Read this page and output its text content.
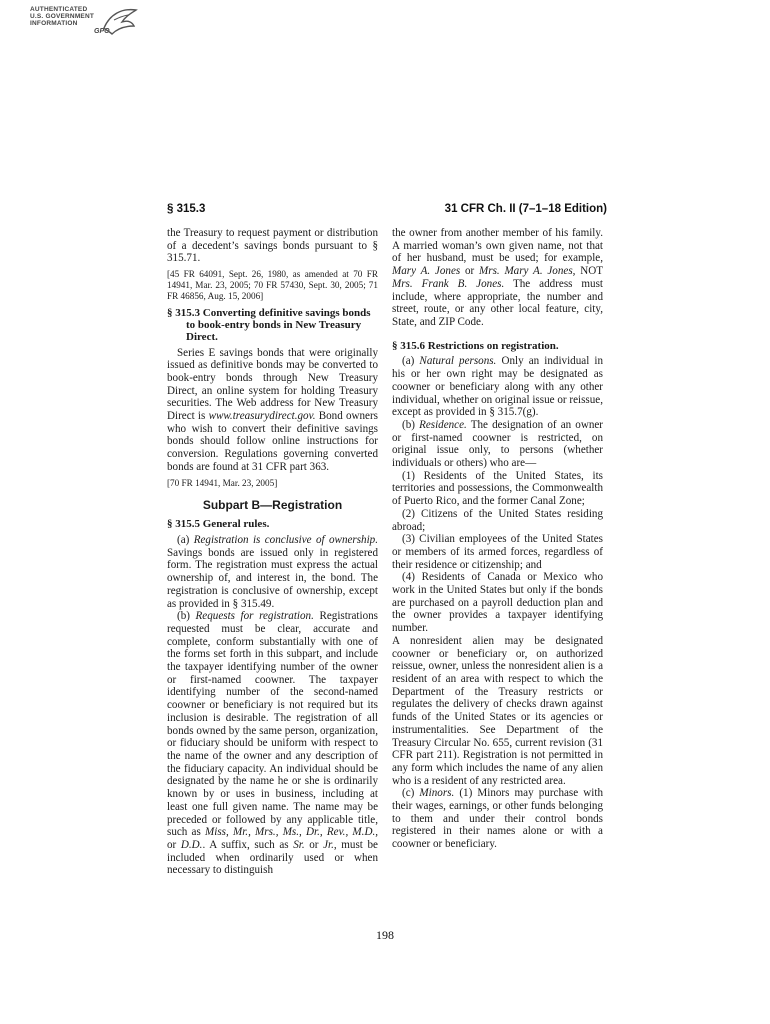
AUTHENTICATED
U.S. GOVERNMENT
INFORMATION
GPO
§ 315.3	31 CFR Ch. II (7–1–18 Edition)

the Treasury to request payment or distribution of a decedent’s savings bonds pursuant to § 315.71.

[45 FR 64091, Sept. 26, 1980, as amended at 70 FR 14941, Mar. 23, 2005; 70 FR 57430, Sept. 30, 2005; 71 FR 46856, Aug. 15, 2006]

§ 315.3 Converting definitive savings bonds to book-entry bonds in New Treasury Direct.

Series E savings bonds that were originally issued as definitive bonds may be converted to book-entry bonds through New Treasury Direct, an online system for holding Treasury securities. The Web address for New Treasury Direct is www.treasurydirect.gov. Bond owners who wish to convert their definitive savings bonds should follow online instructions for conversion. Regulations governing converted bonds are found at 31 CFR part 363.

[70 FR 14941, Mar. 23, 2005]

Subpart B—Registration

§ 315.5 General rules.

(a) Registration is conclusive of ownership. Savings bonds are issued only in registered form. The registration must express the actual ownership of, and interest in, the bond. The registration is conclusive of ownership, except as provided in § 315.49.

(b) Requests for registration. Registrations requested must be clear, accurate and complete, conform substantially with one of the forms set forth in this subpart, and include the taxpayer identifying number of the owner or first-named coowner. The taxpayer identifying number of the second-named coowner or beneficiary is not required but its inclusion is desirable. The registration of all bonds owned by the same person, organization, or fiduciary should be uniform with respect to the name of the owner and any description of the fiduciary capacity. An individual should be designated by the name he or she is ordinarily known by or uses in business, including at least one full given name. The name may be preceded or followed by any applicable title, such as Miss, Mr., Mrs., Ms., Dr., Rev., M.D., or D.D.. A suffix, such as Sr. or Jr., must be included when ordinarily used or when necessary to distinguish

the owner from another member of his family. A married woman’s own given name, not that of her husband, must be used; for example, Mary A. Jones or Mrs. Mary A. Jones, NOT Mrs. Frank B. Jones. The address must include, where appropriate, the number and street, route, or any other local feature, city, State, and ZIP Code.

§ 315.6 Restrictions on registration.

(a) Natural persons. Only an individual in his or her own right may be designated as coowner or beneficiary along with any other individual, whether on original issue or reissue, except as provided in § 315.7(g).

(b) Residence. The designation of an owner or first-named coowner is restricted, on original issue only, to persons (whether individuals or others) who are—

(1) Residents of the United States, its territories and possessions, the Commonwealth of Puerto Rico, and the former Canal Zone;

(2) Citizens of the United States residing abroad;

(3) Civilian employees of the United States or members of its armed forces, regardless of their residence or citizenship; and

(4) Residents of Canada or Mexico who work in the United States but only if the bonds are purchased on a payroll deduction plan and the owner provides a taxpayer identifying number.

A nonresident alien may be designated coowner or beneficiary or, on authorized reissue, owner, unless the nonresident alien is a resident of an area with respect to which the Department of the Treasury restricts or regulates the delivery of checks drawn against funds of the United States or its agencies or instrumentalities. See Department of the Treasury Circular No. 655, current revision (31 CFR part 211). Registration is not permitted in any form which includes the name of any alien who is a resident of any restricted area.

(c) Minors. (1) Minors may purchase with their wages, earnings, or other funds belonging to them and under their control bonds registered in their names alone or with a coowner or beneficiary.

198
